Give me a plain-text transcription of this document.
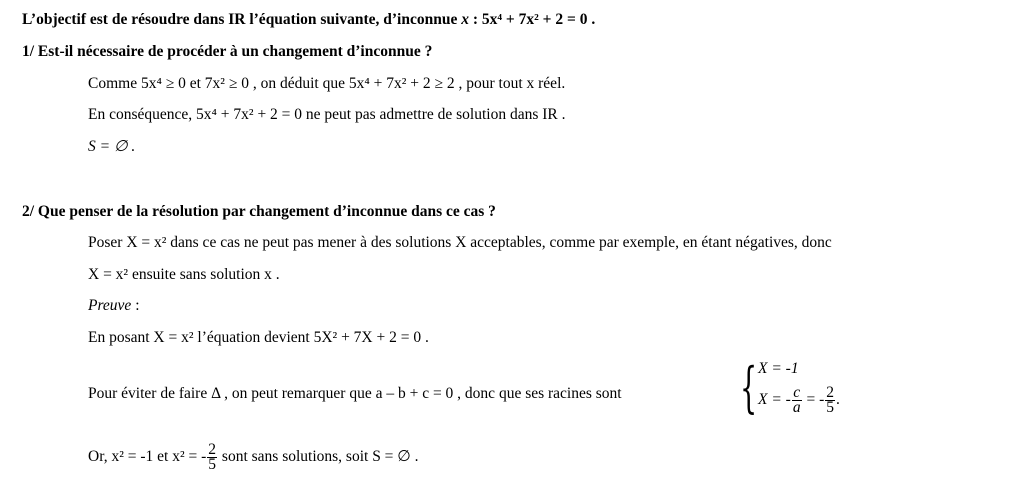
L’objectif est de résoudre dans IR l’équation suivante, d’inconnue x : 5x⁴ + 7x² + 2 = 0 .
1/ Est-il nécessaire de procéder à un changement d’inconnue ?
Comme 5x⁴ ≥ 0 et 7x² ≥ 0 , on déduit que 5x⁴ + 7x² + 2 ≥ 2 , pour tout x réel.
En conséquence, 5x⁴ + 7x² + 2 = 0 ne peut pas admettre de solution dans IR .
S = ∅ .
2/ Que penser de la résolution par changement d’inconnue dans ce cas ?
Poser X = x² dans ce cas ne peut pas mener à des solutions X acceptables, comme par exemple, en étant négatives, donc
X = x² ensuite sans solution x .
Preuve :
En posant X = x² l’équation devient 5X² + 7X + 2 = 0 .
Pour éviter de faire Δ , on peut remarquer que a – b + c = 0 , donc que ses racines sont { X = -1
X = - $\frac{c}{a}$ = - $\frac{2}{5}$ .
Or, x² = -1 et x² = - $\frac{2}{5}$ sont sans solutions, soit S = ∅ .
